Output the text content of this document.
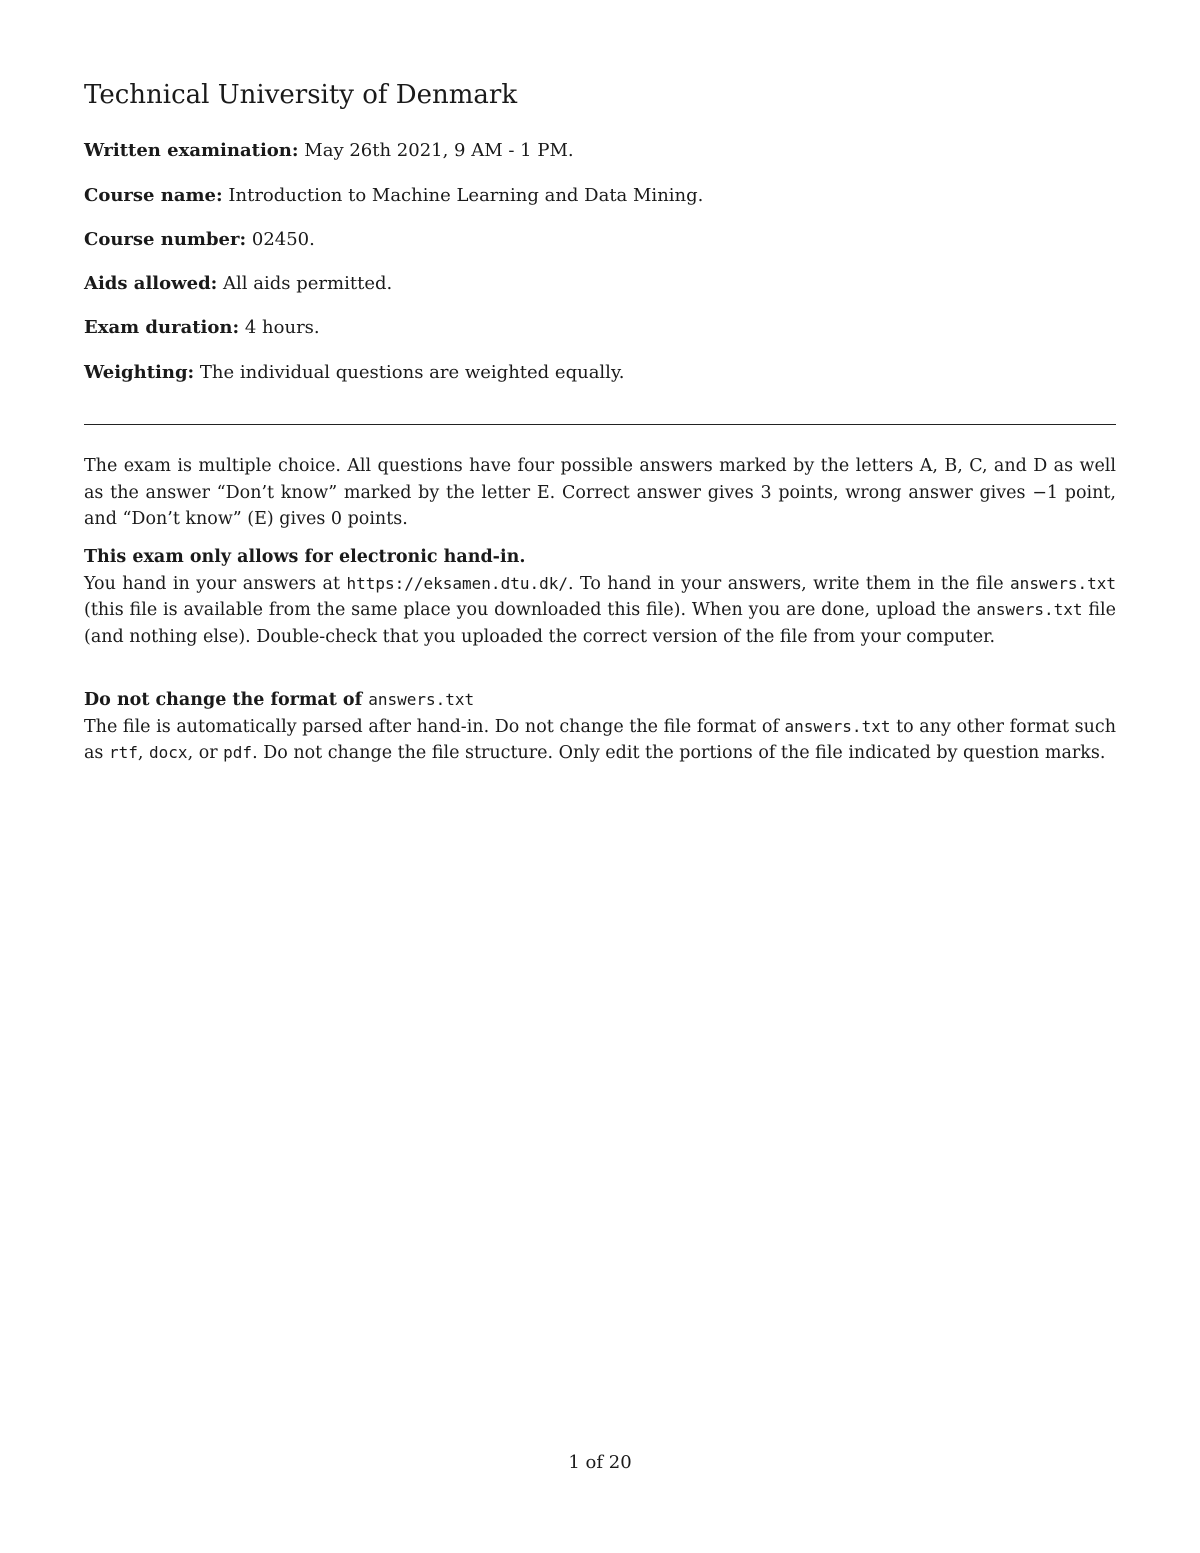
Technical University of Denmark
Written examination: May 26th 2021, 9 AM - 1 PM.
Course name: Introduction to Machine Learning and Data Mining.
Course number: 02450.
Aids allowed: All aids permitted.
Exam duration: 4 hours.
Weighting: The individual questions are weighted equally.

The exam is multiple choice. All questions have four possible answers marked by the letters A, B, C, and D as well as the answer “Don’t know” marked by the letter E. Correct answer gives 3 points, wrong answer gives −1 point, and “Don’t know” (E) gives 0 points.

This exam only allows for electronic hand-in.
You hand in your answers at https://eksamen.dtu.dk/. To hand in your answers, write them in the file answers.txt (this file is available from the same place you downloaded this file). When you are done, upload the answers.txt file (and nothing else). Double-check that you uploaded the correct version of the file from your computer.

Do not change the format of answers.txt
The file is automatically parsed after hand-in. Do not change the file format of answers.txt to any other format such as rtf, docx, or pdf. Do not change the file structure. Only edit the portions of the file indicated by question marks.

1 of 20
